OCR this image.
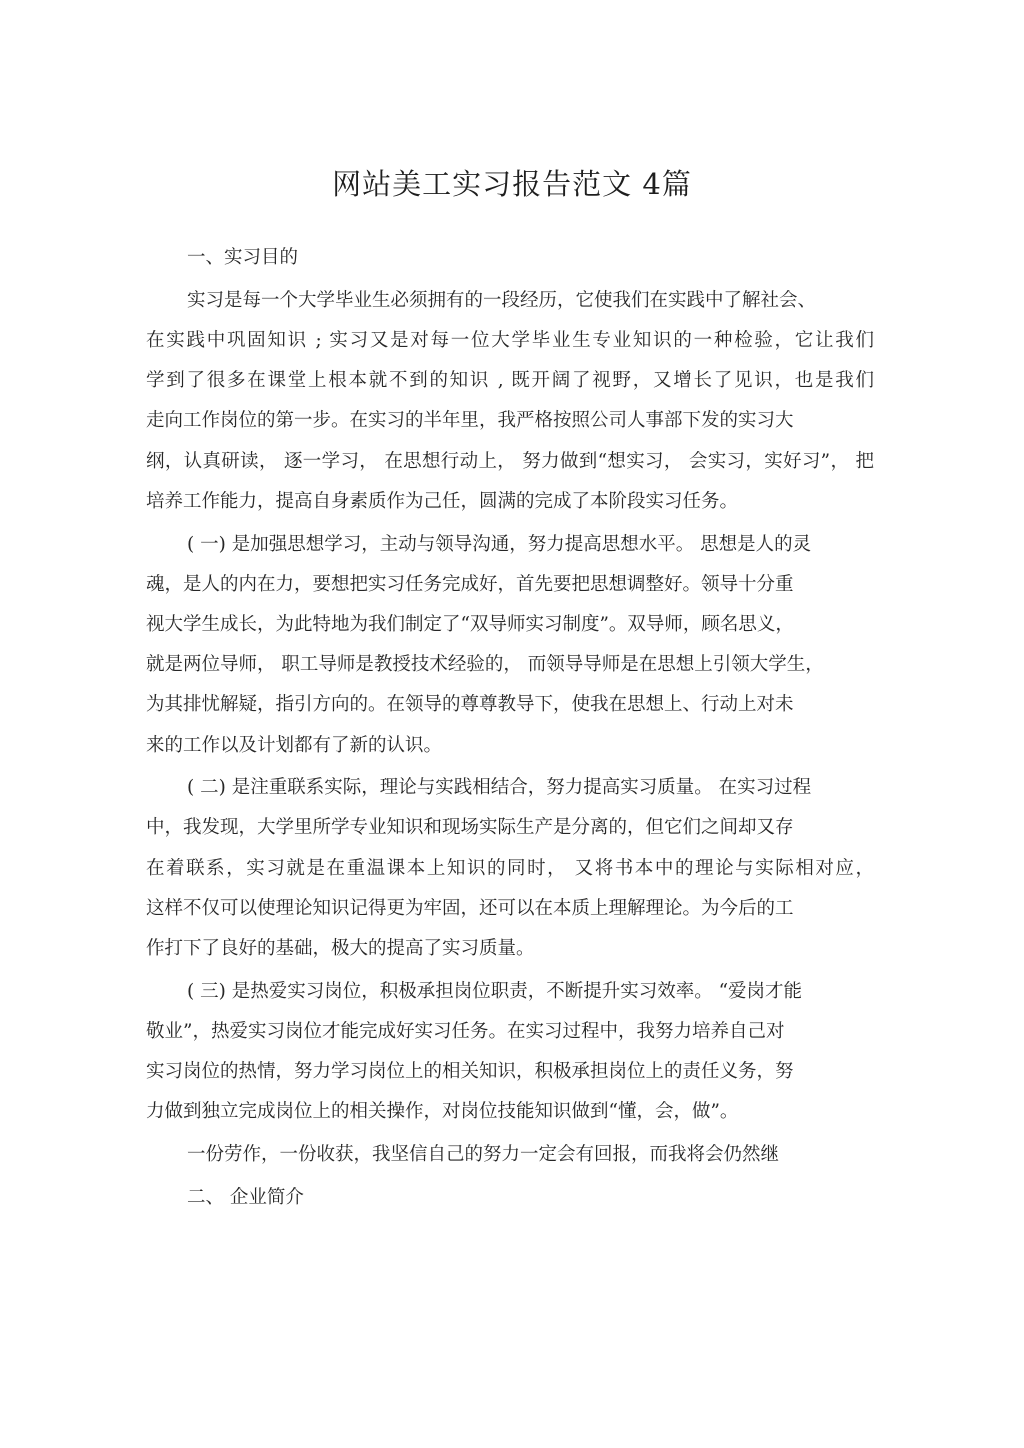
网站美工实习报告范文 4篇
一、实习目的
实习是每一个大学毕业生必须拥有的一段经历，它使我们在实践中了解社会、
在实践中巩固知识 ; 实习又是对每一位大学毕业生专业知识的一种检验，它让我们
学到了很多在课堂上根本就不到的知识 , 既开阔了视野，又增长了见识，也是我们
走向工作岗位的第一步。在实习的半年里，我严格按照公司人事部下发的实习大
纲，认真研读， 逐一学习， 在思想行动上， 努力做到“想实习， 会实习，实好习”， 把
培养工作能力，提高自身素质作为己任，圆满的完成了本阶段实习任务。
( 一) 是加强思想学习，主动与领导沟通，努力提高思想水平。 思想是人的灵
魂，是人的内在力，要想把实习任务完成好，首先要把思想调整好。领导十分重
视大学生成长，为此特地为我们制定了“双导师实习制度”。双导师，顾名思义，
就是两位导师， 职工导师是教授技术经验的， 而领导导师是在思想上引领大学生，
为其排忧解疑，指引方向的。在领导的尊尊教导下，使我在思想上、行动上对未
来的工作以及计划都有了新的认识。
( 二) 是注重联系实际，理论与实践相结合，努力提高实习质量。 在实习过程
中，我发现，大学里所学专业知识和现场实际生产是分离的，但它们之间却又存
在着联系，实习就是在重温课本上知识的同时， 又将书本中的理论与实际相对应，
这样不仅可以使理论知识记得更为牢固，还可以在本质上理解理论。为今后的工
作打下了良好的基础，极大的提高了实习质量。
( 三) 是热爱实习岗位，积极承担岗位职责，不断提升实习效率。 “爱岗才能
敬业”，热爱实习岗位才能完成好实习任务。在实习过程中，我努力培养自己对
实习岗位的热情，努力学习岗位上的相关知识，积极承担岗位上的责任义务，努
力做到独立完成岗位上的相关操作，对岗位技能知识做到“懂，会，做”。
一份劳作，一份收获，我坚信自己的努力一定会有回报，而我将会仍然继
二、 企业简介
